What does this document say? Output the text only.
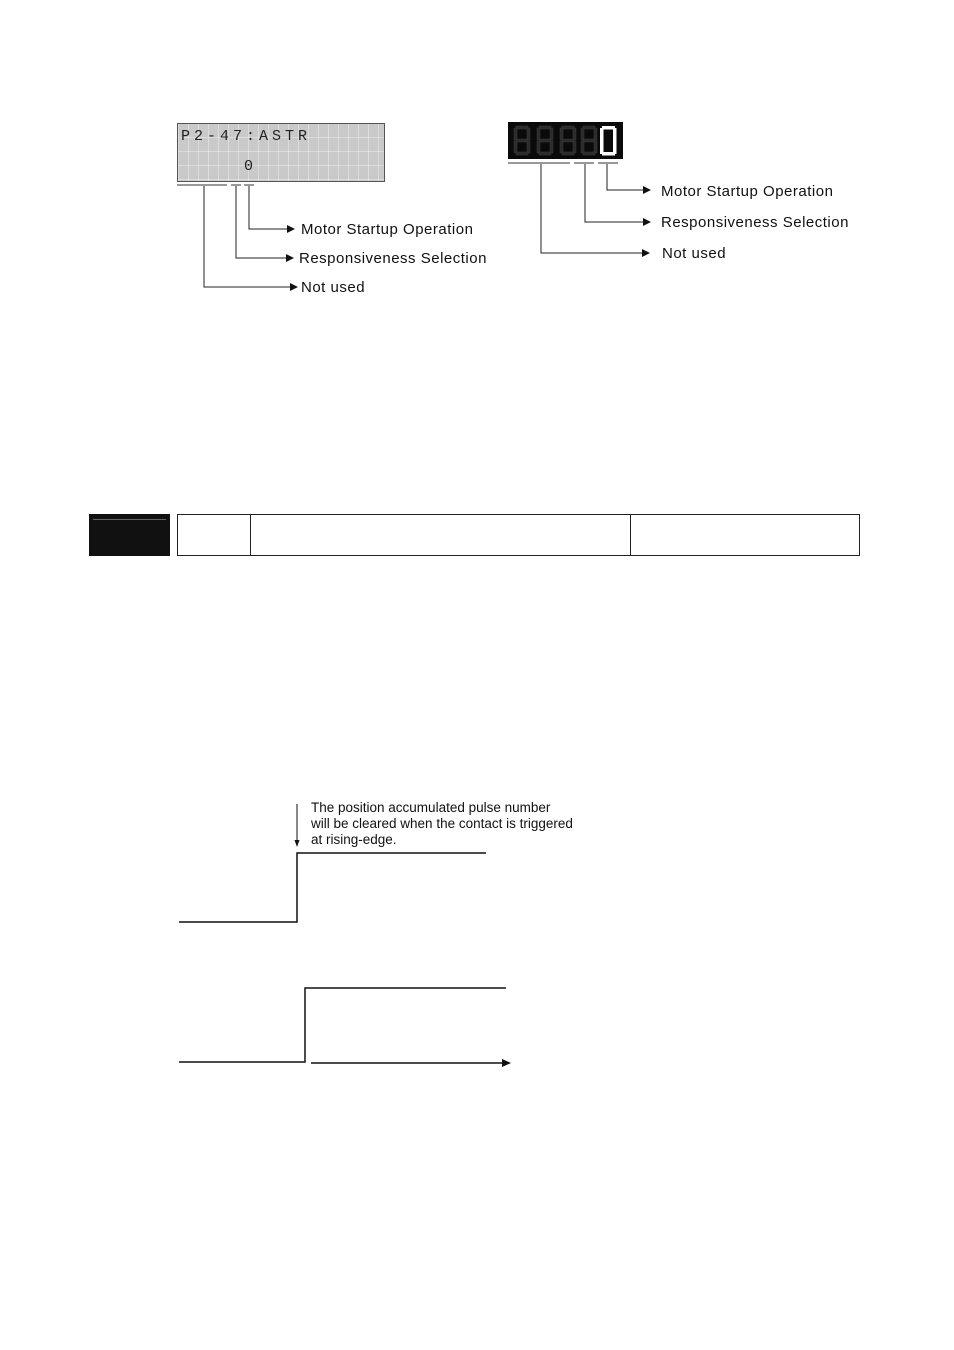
P2-47:ASTR
0
Motor Startup Operation
Responsiveness Selection
Not used
Motor Startup Operation
Responsiveness Selection
Not used
The position accumulated pulse number
will be cleared when the contact is triggered
at rising-edge.
